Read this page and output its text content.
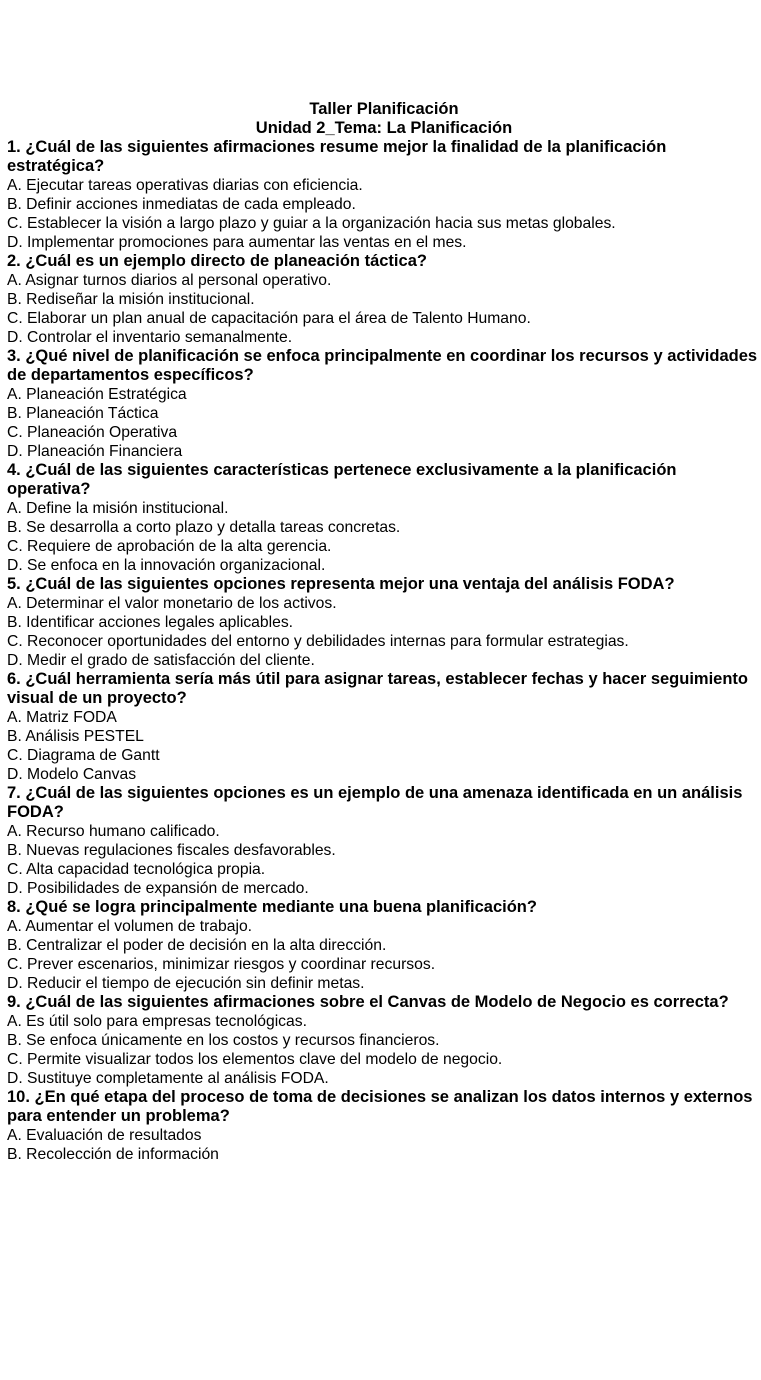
Taller Planificación

Unidad 2_Tema: La Planificación

1. ¿Cuál de las siguientes afirmaciones resume mejor la finalidad de la planificación estratégica?

A. Ejecutar tareas operativas diarias con eficiencia.

B. Definir acciones inmediatas de cada empleado.

C. Establecer la visión a largo plazo y guiar a la organización hacia sus metas globales.

D. Implementar promociones para aumentar las ventas en el mes.

2. ¿Cuál es un ejemplo directo de planeación táctica?

A. Asignar turnos diarios al personal operativo.

B. Rediseñar la misión institucional.

C. Elaborar un plan anual de capacitación para el área de Talento Humano.

D. Controlar el inventario semanalmente.

3. ¿Qué nivel de planificación se enfoca principalmente en coordinar los recursos y actividades de departamentos específicos?

A. Planeación Estratégica

B. Planeación Táctica

C. Planeación Operativa

D. Planeación Financiera

4. ¿Cuál de las siguientes características pertenece exclusivamente a la planificación operativa?

A. Define la misión institucional.

B. Se desarrolla a corto plazo y detalla tareas concretas.

C. Requiere de aprobación de la alta gerencia.

D. Se enfoca en la innovación organizacional.

5. ¿Cuál de las siguientes opciones representa mejor una ventaja del análisis FODA?

A. Determinar el valor monetario de los activos.

B. Identificar acciones legales aplicables.

C. Reconocer oportunidades del entorno y debilidades internas para formular estrategias.

D. Medir el grado de satisfacción del cliente.

6. ¿Cuál herramienta sería más útil para asignar tareas, establecer fechas y hacer seguimiento visual de un proyecto?

A. Matriz FODA

B. Análisis PESTEL

C. Diagrama de Gantt

D. Modelo Canvas

7. ¿Cuál de las siguientes opciones es un ejemplo de una amenaza identificada en un análisis FODA?

A. Recurso humano calificado.

B. Nuevas regulaciones fiscales desfavorables.

C. Alta capacidad tecnológica propia.

D. Posibilidades de expansión de mercado.

8. ¿Qué se logra principalmente mediante una buena planificación?

A. Aumentar el volumen de trabajo.

B. Centralizar el poder de decisión en la alta dirección.

C. Prever escenarios, minimizar riesgos y coordinar recursos.

D. Reducir el tiempo de ejecución sin definir metas.

9. ¿Cuál de las siguientes afirmaciones sobre el Canvas de Modelo de Negocio es correcta?

A. Es útil solo para empresas tecnológicas.

B. Se enfoca únicamente en los costos y recursos financieros.

C. Permite visualizar todos los elementos clave del modelo de negocio.

D. Sustituye completamente al análisis FODA.

10. ¿En qué etapa del proceso de toma de decisiones se analizan los datos internos y externos para entender un problema?

A. Evaluación de resultados

B. Recolección de información
